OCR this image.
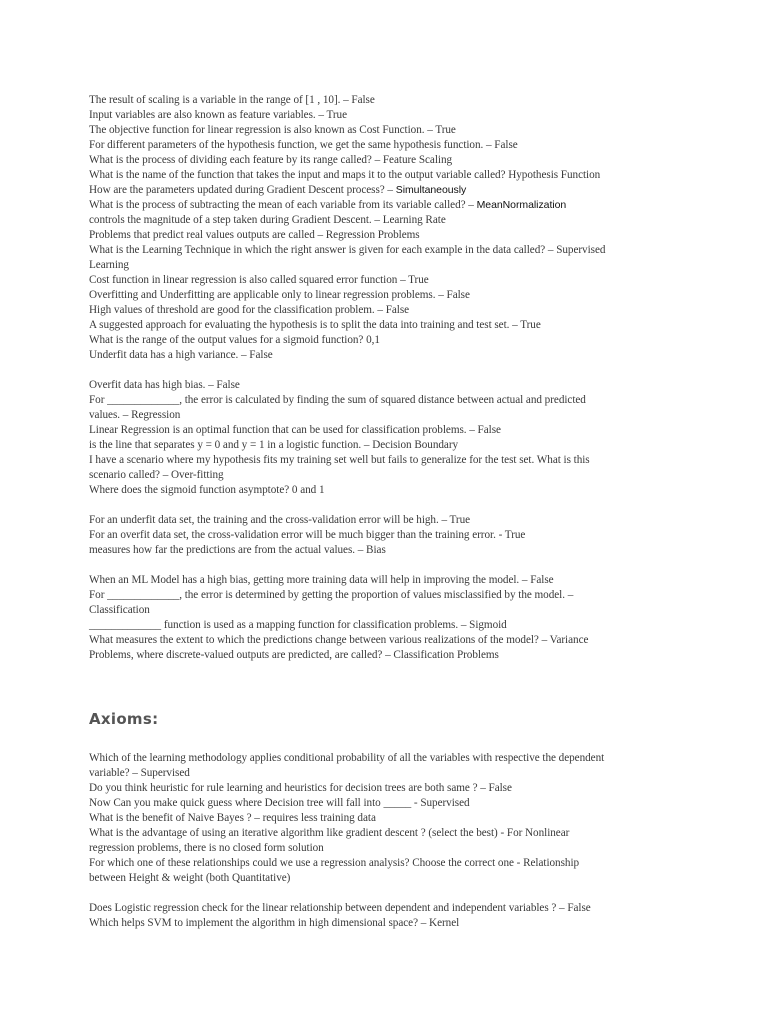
The result of scaling is a variable in the range of [1 , 10]. – False
Input variables are also known as feature variables. – True
The objective function for linear regression is also known as Cost Function. – True
For different parameters of the hypothesis function, we get the same hypothesis function. – False
What is the process of dividing each feature by its range called? – Feature Scaling
What is the name of the function that takes the input and maps it to the output variable called? Hypothesis Function
How are the parameters updated during Gradient Descent process? – Simultaneously
What is the process of subtracting the mean of each variable from its variable called? – MeanNormalization
controls the magnitude of a step taken during Gradient Descent. – Learning Rate
Problems that predict real values outputs are called – Regression Problems
What is the Learning Technique in which the right answer is given for each example in the data called? – Supervised
Learning
Cost function in linear regression is also called squared error function – True
Overfitting and Underfitting are applicable only to linear regression problems. – False
High values of threshold are good for the classification problem. – False
A suggested approach for evaluating the hypothesis is to split the data into training and test set. – True
What is the range of the output values for a sigmoid function? 0,1
Underfit data has a high variance. – False
Overfit data has high bias. – False
For _____________, the error is calculated by finding the sum of squared distance between actual and predicted
values. – Regression
Linear Regression is an optimal function that can be used for classification problems. – False
is the line that separates y = 0 and y = 1 in a logistic function. – Decision Boundary
I have a scenario where my hypothesis fits my training set well but fails to generalize for the test set. What is this
scenario called? – Over-fitting
Where does the sigmoid function asymptote? 0 and 1
For an underfit data set, the training and the cross-validation error will be high. – True
For an overfit data set, the cross-validation error will be much bigger than the training error. - True
measures how far the predictions are from the actual values. – Bias
When an ML Model has a high bias, getting more training data will help in improving the model. – False
For _____________, the error is determined by getting the proportion of values misclassified by the model. –
Classification
_____________ function is used as a mapping function for classification problems. – Sigmoid
What measures the extent to which the predictions change between various realizations of the model? – Variance
Problems, where discrete-valued outputs are predicted, are called? – Classification Problems
Axioms:
Which of the learning methodology applies conditional probability of all the variables with respective the dependent
variable? – Supervised
Do you think heuristic for rule learning and heuristics for decision trees are both same ? – False
Now Can you make quick guess where Decision tree will fall into _____ - Supervised
What is the benefit of Naive Bayes ? – requires less training data
What is the advantage of using an iterative algorithm like gradient descent ? (select the best) - For Nonlinear
regression problems, there is no closed form solution
For which one of these relationships could we use a regression analysis? Choose the correct one - Relationship
between Height & weight (both Quantitative)
Does Logistic regression check for the linear relationship between dependent and independent variables ? – False
Which helps SVM to implement the algorithm in high dimensional space? – Kernel
